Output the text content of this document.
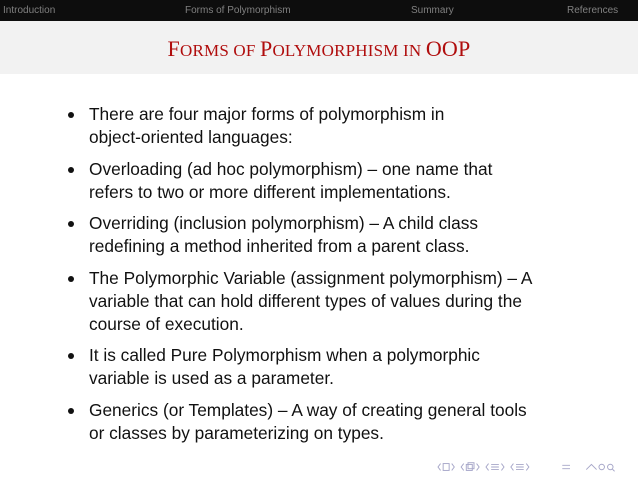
Introduction	Forms of Polymorphism	Summary	References
FORMS OF POLYMORPHISM IN OOP
There are four major forms of polymorphism in
object-oriented languages:
Overloading (ad hoc polymorphism) – one name that
refers to two or more different implementations.
Overriding (inclusion polymorphism) – A child class
redefining a method inherited from a parent class.
The Polymorphic Variable (assignment polymorphism) – A
variable that can hold different types of values during the
course of execution.
It is called Pure Polymorphism when a polymorphic
variable is used as a parameter.
Generics (or Templates) – A way of creating general tools
or classes by parameterizing on types.
